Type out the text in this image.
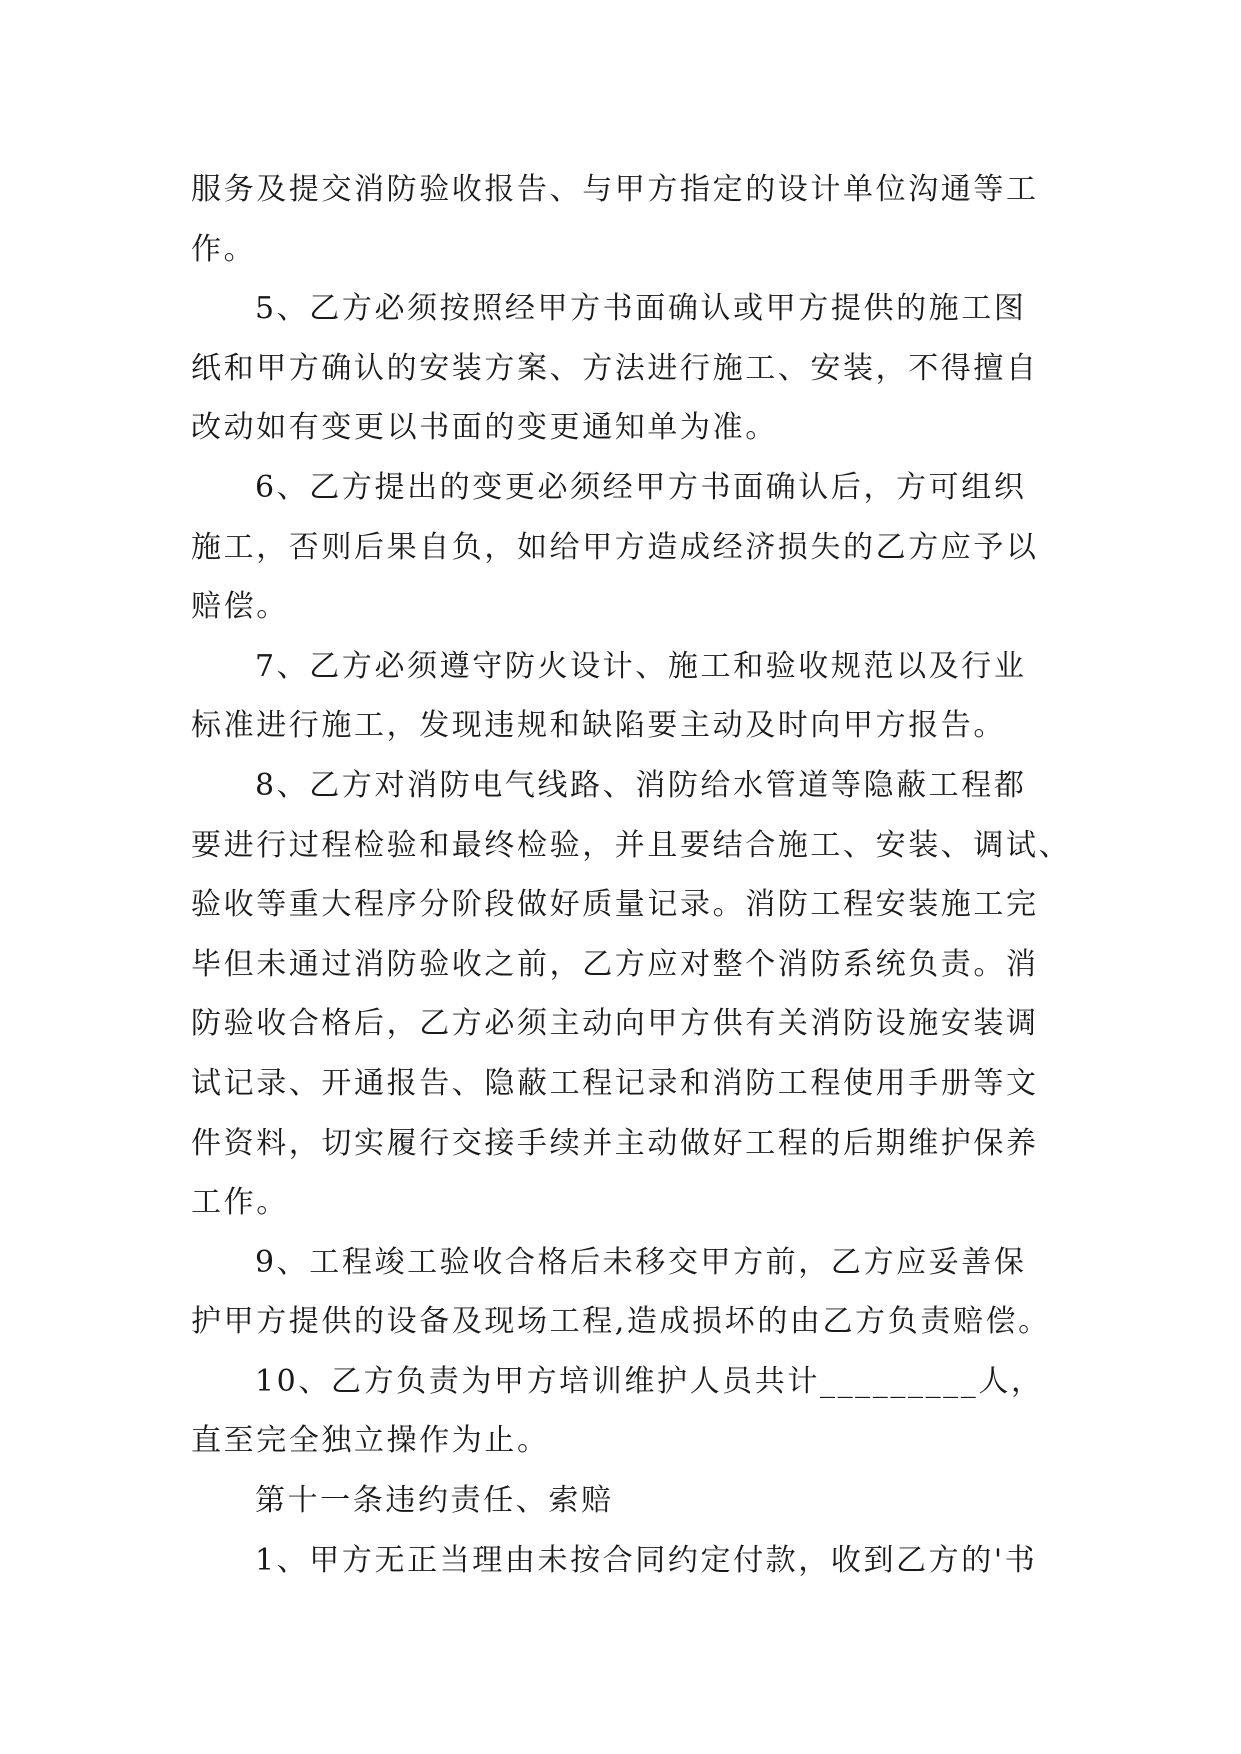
服务及提交消防验收报告、与甲方指定的设计单位沟通等工
作。
5、乙方必须按照经甲方书面确认或甲方提供的施工图
纸和甲方确认的安装方案、方法进行施工、安装，不得擅自
改动如有变更以书面的变更通知单为准。
6、乙方提出的变更必须经甲方书面确认后，方可组织
施工，否则后果自负，如给甲方造成经济损失的乙方应予以
赔偿。
7、乙方必须遵守防火设计、施工和验收规范以及行业
标准进行施工，发现违规和缺陷要主动及时向甲方报告。
8、乙方对消防电气线路、消防给水管道等隐蔽工程都
要进行过程检验和最终检验，并且要结合施工、安装、调试、
验收等重大程序分阶段做好质量记录。消防工程安装施工完
毕但未通过消防验收之前，乙方应对整个消防系统负责。消
防验收合格后，乙方必须主动向甲方供有关消防设施安装调
试记录、开通报告、隐蔽工程记录和消防工程使用手册等文
件资料，切实履行交接手续并主动做好工程的后期维护保养
工作。
9、工程竣工验收合格后未移交甲方前，乙方应妥善保
护甲方提供的设备及现场工程,造成损坏的由乙方负责赔偿。
10、乙方负责为甲方培训维护人员共计_________人，
直至完全独立操作为止。
第十一条违约责任、索赔
1、甲方无正当理由未按合同约定付款，收到乙方的'书
